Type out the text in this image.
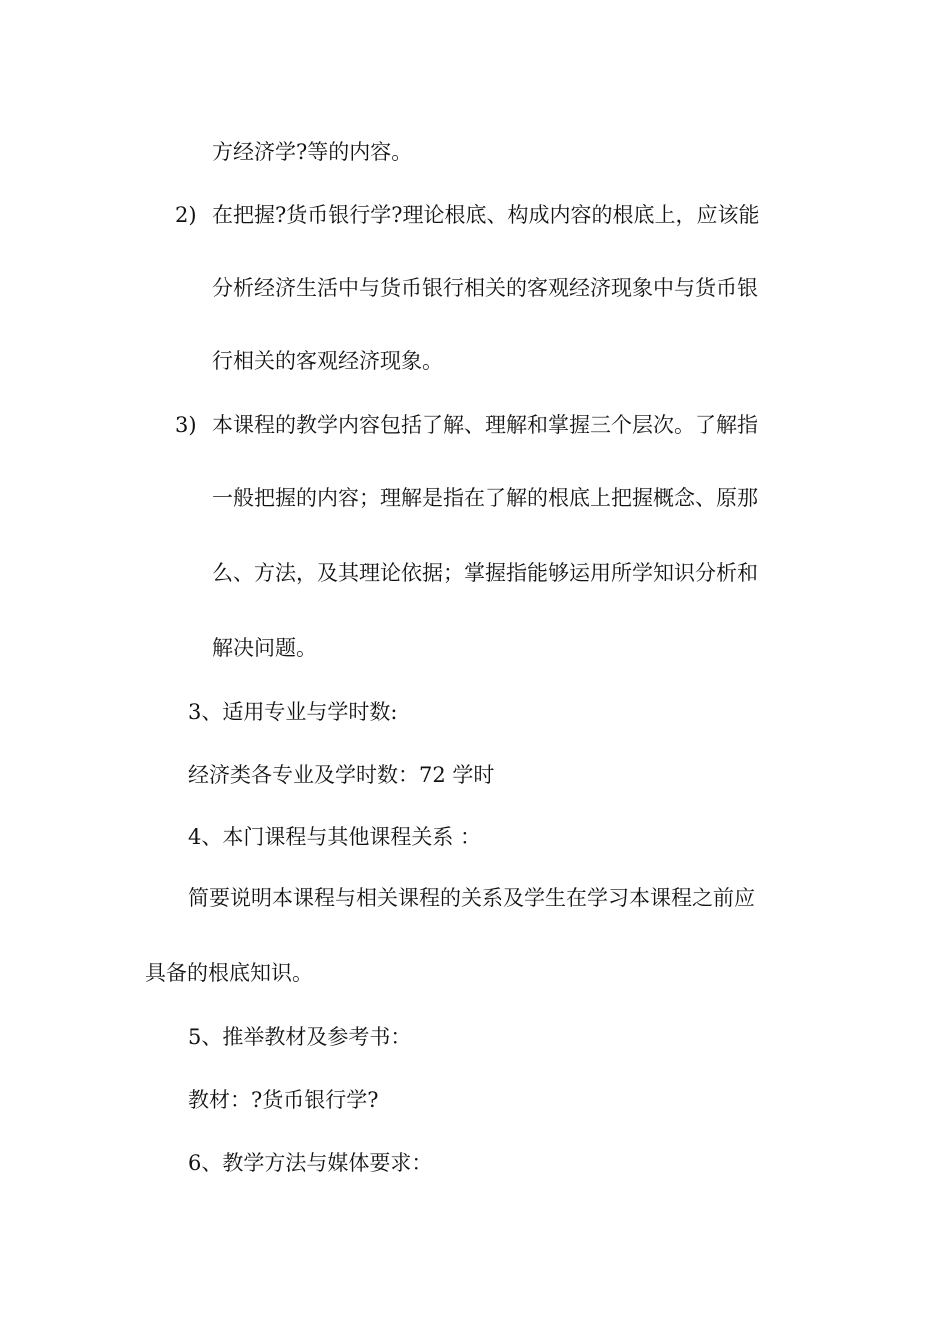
方经济学?等的内容。
2) 在把握?货币银行学?理论根底、构成内容的根底上，应该能
分析经济生活中与货币银行相关的客观经济现象中与货币银
行相关的客观经济现象。
3) 本课程的教学内容包括了解、理解和掌握三个层次。了解指
一般把握的内容；理解是指在了解的根底上把握概念、原那
么、方法，及其理论依据；掌握指能够运用所学知识分析和
解决问题。
3、适用专业与学时数:
经济类各专业及学时数：72 学时
4、本门课程与其他课程关系 ：
简要说明本课程与相关课程的关系及学生在学习本课程之前应
具备的根底知识。
5、推举教材及参考书：
教材：?货币银行学?
6、教学方法与媒体要求：
